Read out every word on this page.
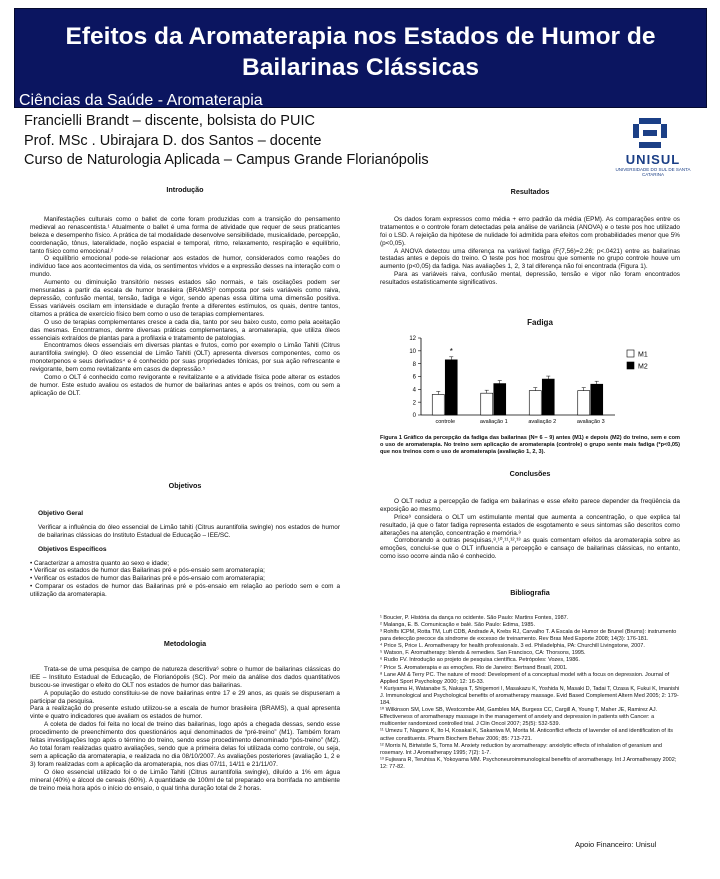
Efeitos da Aromaterapia nos Estados de Humor de
Bailarinas Clássicas
Ciências da Saúde - Aromaterapia
Francielli Brandt – discente, bolsista do PUIC
Prof. MSc . Ubirajara D. dos Santos – docente
Curso de Naturologia Aplicada – Campus Grande Florianópolis	UNISUL
UNIVERSIDADE DO SUL DE SANTA CATARINA
Introdução

Manifestações culturais como o ballet de corte foram produzidas com a transição do pensamento medieval ao renascentista.¹ Atualmente o ballet é uma forma de atividade que requer de seus praticantes beleza e desempenho físico. A prática de tal modalidade desenvolve sensibilidade, musicalidade, percepção, coordenação, tônus, lateralidade, noção espacial e temporal, ritmo, relaxamento, respiração e equilíbrio, tanto físico como emocional.²

O equilíbrio emocional pode-se relacionar aos estados de humor, considerados como reações do indivíduo face aos acontecimentos da vida, os sentimentos vívidos e a expressão desses na interação com o mundo.

Aumento ou diminuição transitório nesses estados são normais, e tais oscilações podem ser mensuradas a partir da escala de humor brasileira (BRAMS)³ composta por seis variáveis como raiva, depressão, confusão mental, tensão, fadiga e vigor, sendo apenas essa última uma dimensão positiva. Essas variáveis oscilam em intensidade e duração frente a diferentes estímulos, os quais, dentre tantos, citamos a prática de exercício físico bem como o uso de terapias complementares.

O uso de terapias complementares cresce a cada dia, tanto por seu baixo custo, como pela aceitação das mesmas. Encontramos, dentre diversas práticas complementares, a aromaterapia, que utiliza óleos essenciais extraídos de plantas para a profilaxia e tratamento de patologias.

Encontramos óleos essenciais em diversas plantas e frutos, como por exemplo o Limão Tahiti (Citrus aurantifolia swingle). O óleo essencial de Limão Tahiti (OLT) apresenta diversos componentes, como os monoterpenos e seus derivados⁴ e é conhecido por suas propriedades tônicas, por sua ação refrescante e revigorante, bem como revitalizante em casos de depressão.⁵

Como o OLT é conhecido como revigorante e revitalizante e a atividade física pode alterar os estados de humor. Este estudo avaliou os estados de humor de bailarinas antes e após os treinos, com ou sem a aplicação de OLT.

Objetivos
Objetivo Geral

Verificar a influência do óleo essencial de Limão tahiti (Citrus aurantifolia swingle) nos estados de humor de bailarinas clássicas do Instituto Estadual de Educação – IEE/SC.

Objetivos Específicos

• Caracterizar a amostra quanto ao sexo e idade;

• Verificar os estados de humor das Bailarinas pré e pós-ensaio sem aromaterapia;

• Verificar os estados de humor das Bailarinas pré e pós-ensaio com aromaterapia;

• Comparar os estados de humor das Bailarinas pré e pós-ensaio em relação ao período sem e com a utilização da aromaterapia.

Metodologia

Trata-se de uma pesquisa de campo de natureza descritiva⁶ sobre o humor de bailarinas clássicas do IEE – Instituto Estadual de Educação, de Florianópolis (SC). Por meio da análise dos dados quantitativos buscou-se investigar o efeito do OLT nos estados de humor das bailarinas.

A população do estudo constituiu-se de nove bailarinas entre 17 e 29 anos, as quais se dispuseram a participar da pesquisa.

Para a realização do presente estudo utilizou-se a escala de humor brasileira (BRAMS), a qual apresenta vinte e quatro indicadores que avaliam os estados de humor.

A coleta de dados foi feita no local de treino das bailarinas, logo após a chegada dessas, sendo esse procedimento de preenchimento dos questionários aqui denominados de “pré-treino” (M1). Também foram feitas investigações logo após o término do treino, sendo esse procedimento denominado “pós-treino” (M2). Ao total foram realizadas quatro avaliações, sendo que a primeira delas foi utilizada como controle, ou seja, sem a aplicação da aromaterapia, e realizada no dia 08/10/2007. As avaliações posteriores (avaliação 1, 2 e 3) foram realizadas com a aplicação da aromaterapia, nos dias 07/11, 14/11 e 21/11/07.

O óleo essencial utilizado foi o de Limão Tahiti (Citrus aurantifolia swingle), diluído a 1% em água mineral (40%) e álcool de cereais (60%). A quantidade de 100ml de tal preparado era borrifada no ambiente de treino meia hora após o início do ensaio, o qual tinha duração total de 2 horas.

Resultados

Os dados foram expressos como média + erro padrão da média (EPM). As comparações entre os tratamentos e o controle foram detectadas pela análise de variância (ANOVA) e o teste pos hoc utilizado foi o LSD. A rejeição da hipótese de nulidade foi admitida para efeitos com probabilidades menor que 5% (p<0,05).

A ANOVA detectou uma diferença na variável fadiga (F(7,56)=2.26; p<.0421) entre as bailarinas testadas antes e depois do treino. O teste pos hoc mostrou que somente no grupo controle houve um aumento (p<0,05) da fadiga. Nas avaliações 1, 2, 3 tal diferença não foi encontrada (Figura 1).

Para as variáveis raiva, confusão mental, depressão, tensão e vigor não foram encontrados resultados estatisticamente significativos.

Fadiga
0
2
4
6
8
10
12
controle	avaliação 1	avaliação 2	avaliação 3
*	M1
M2

Figura 1 Gráfico da percepção da fadiga das bailarinas (N= 6 – 9) antes (M1) e depois (M2) do treino, sem e com o uso de aromaterapia. No treino sem aplicação de aromaterapia (controle) o grupo sente mais fadiga (*p<0,05) que nos treinos com o uso de aromaterapia (avaliação 1, 2, 3).

Conclusões

O OLT reduz a percepção de fadiga em bailarinas e esse efeito parece depender da freqüência da exposição ao mesmo.

Price⁹ considera o OLT um estimulante mental que aumenta a concentração, o que explica tal resultado, já que o fator fadiga representa estados de esgotamento e seus sintomas são descritos como alterações na atenção, concentração e memória.³

Corroborando a outras pesquisas,⁸,¹⁰,¹¹,¹²,¹³ as quais comentam efeitos da aromaterapia sobre as emoções, conclui-se que o OLT influencia a percepção e cansaço de bailarinas clássicas, no entanto, como isso ocorre ainda não é conhecido.

Bibliografia

¹ Boucier, P. História da dança no ocidente. São Paulo: Martins Fontes, 1987.

² Malanga, E. B. Comunicação e balé. São Paulo: Edima, 1985.

³ Rohlfs ICPM, Rotta TM, Luft CDB, Andrade A, Krebs RJ, Carvalho T. A Escala de Humor de Brunel (Brums): instrumento para detecção precoce da síndrome de excesso de treinamento. Rev Bras Med Esporte 2008; 14(3): 176-181.

⁴ Price S, Price L. Aromatherapy for health professionals. 3 ed. Philadelphia, PA: Churchill Livingstone, 2007.

⁵ Watson, F. Aromatherapy: blends & remedies. San Francisco, CA: Thorsons, 1995.

⁶ Rudio FV. Introdução ao projeto de pesquisa científica. Petrópoles: Vozes, 1986.

⁷ Price S. Aromaterapia e as emoções. Rio de Janeiro: Bertrand Brasil, 2001.

⁸ Lane AM & Terry PC. The nature of mood: Development of a conceptual model with a focus on depression. Journal of Applied Sport Psychology 2000; 12: 16-33.

⁹ Kuriyama H, Watanabe S, Nakaya T, Shigemori I, Masakazu K, Yoshida N, Masaki D, Tadai T, Ozasa K, Fukui K, Imanishi J. Immunological and Psychological benefits of aromatherapy massage. Evid Based Complement Altern Med 2005; 2: 179-184.

¹⁰ Wilkinson SM, Love SB, Westcombe AM, Gambles MA, Burgess CC, Cargill A, Young T, Maher JE, Ramirez AJ. Effectiveness of aromatherapy massage in the management of anxiety and depression in patients with Cancer: a multicenter randomized controlled trial. J Clin Oncol 2007; 25(5): 532-539.

¹¹ Umezu T, Nagano K, Ito H, Kosakai K, Sakaniwa M, Morita M. Anticonflict effects of lavender oil and identification of its active constituents. Pharm Biochem Behav 2006; 85: 713-721.

¹² Morris N, Birtwistle S, Toms M. Anxiety reduction by aromatherapy: anxiolytic effects of inhalation of geranium and rosemary. Int J Aromatherapy 1995; 7(2): 1-7.

¹³ Fujiwara R, Teruhisa K, Yokoyama MM. Psychoneuroimmunological benefits of aromatherapy. Int J Aromatherapy 2002; 12: 77-82.

Apoio Financeiro: Unisul
